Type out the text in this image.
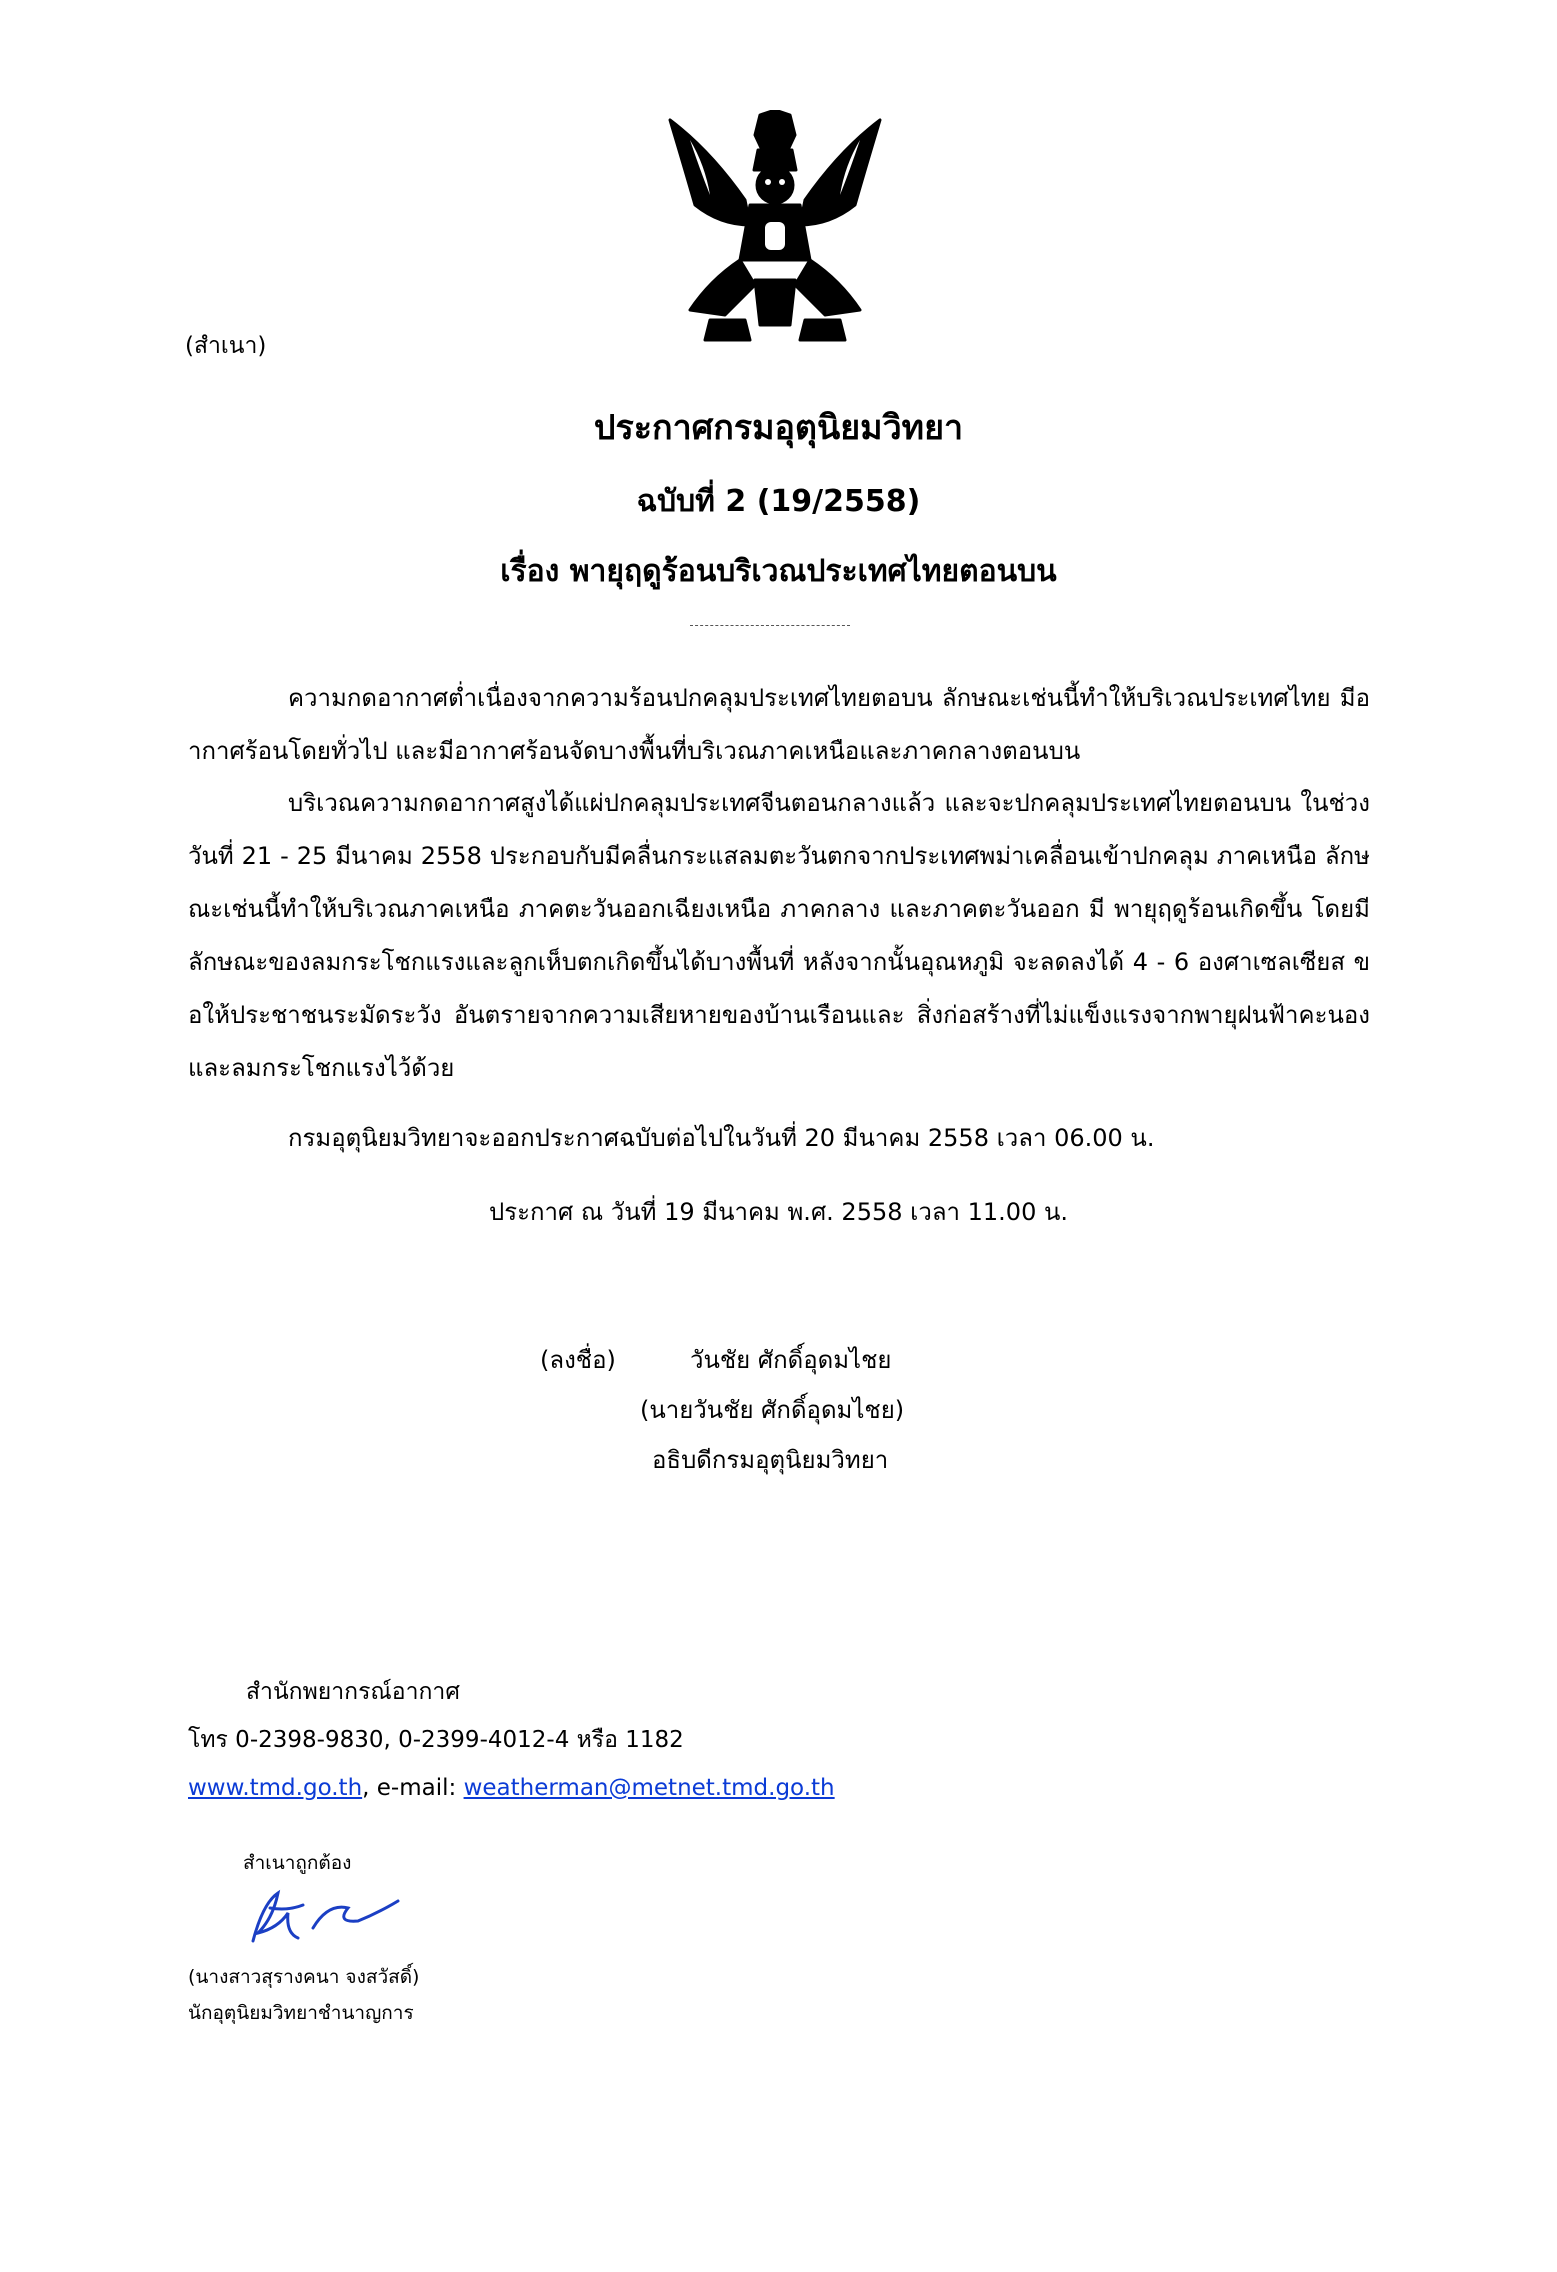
(สำเนา)
ประกาศกรมอุตุนิยมวิทยา
ฉบับที่ 2 (19/2558)
เรื่อง พายุฤดูร้อนบริเวณประเทศไทยตอนบน

ความกดอากาศต่ำเนื่องจากความร้อนปกคลุมประเทศไทยตอบน ลักษณะเช่นนี้ทำให้บริเวณประเทศไทย มีอากาศร้อนโดยทั่วไป และมีอากาศร้อนจัดบางพื้นที่บริเวณภาคเหนือและภาคกลางตอนบน

บริเวณความกดอากาศสูงได้แผ่ปกคลุมประเทศจีนตอนกลางแล้ว และจะปกคลุมประเทศไทยตอนบน ในช่วงวันที่ 21 - 25 มีนาคม 2558 ประกอบกับมีคลื่นกระแสลมตะวันตกจากประเทศพม่าเคลื่อนเข้าปกคลุม ภาคเหนือ ลักษณะเช่นนี้ทำให้บริเวณภาคเหนือ ภาคตะวันออกเฉียงเหนือ ภาคกลาง และภาคตะวันออก มี พายุฤดูร้อนเกิดขึ้น โดยมีลักษณะของลมกระโชกแรงและลูกเห็บตกเกิดขึ้นได้บางพื้นที่ หลังจากนั้นอุณหภูมิ จะลดลงได้ 4 - 6 องศาเซลเซียส ขอให้ประชาชนระมัดระวัง อันตรายจากความเสียหายของบ้านเรือนและ สิ่งก่อสร้างที่ไม่แข็งแรงจากพายุฝนฟ้าคะนองและลมกระโชกแรงไว้ด้วย

กรมอุตุนิยมวิทยาจะออกประกาศฉบับต่อไปในวันที่ 20 มีนาคม 2558 เวลา 06.00 น.

ประกาศ ณ วันที่ 19 มีนาคม พ.ศ. 2558 เวลา 11.00 น.
(ลงชื่อ)	วันชัย ศักดิ์อุดมไชย
(นายวันชัย ศักดิ์อุดมไชย)
อธิบดีกรมอุตุนิยมวิทยา
สำนักพยากรณ์อากาศ
โทร 0-2398-9830, 0-2399-4012-4 หรือ 1182
www.tmd.go.th, e-mail: weatherman@metnet.tmd.go.th
สำเนาถูกต้อง
(นางสาวสุรางคนา จงสวัสดิ์)
นักอุตุนิยมวิทยาชำนาญการ
